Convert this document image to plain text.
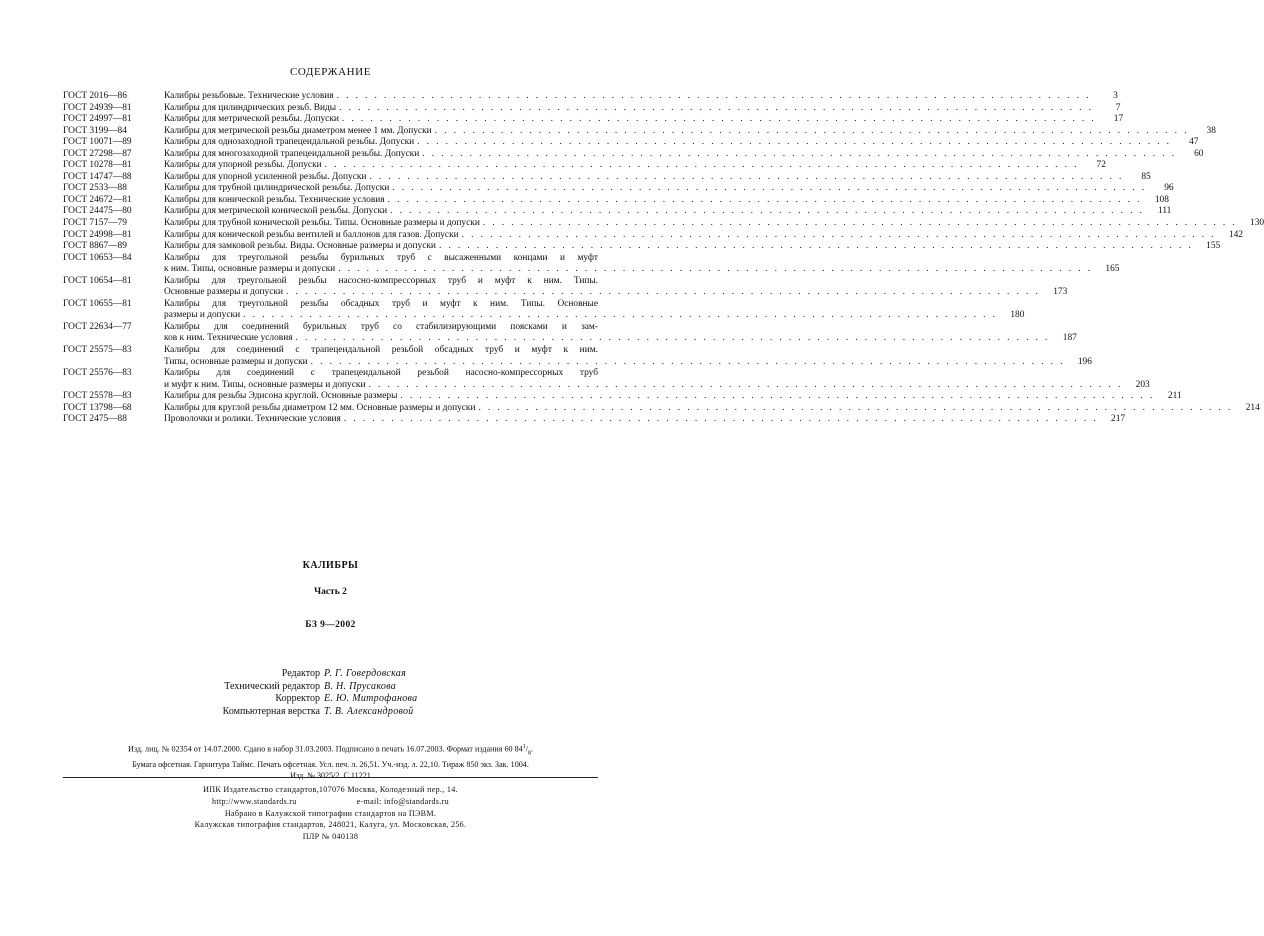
СОДЕРЖАНИЕ
ГОСТ 2016—86	Калибры резьбовые. Технические условия . . . . . . . . . . . . . . . . . . . . . . . . . . . . . . . . . . . . . . . . . . . . . . . . . . . . . . . . . . . . . . . . . . . . . . . . . . . . . . . .	3
ГОСТ 24939—81	Калибры для цилиндрических резьб. Виды . . . . . . . . . . . . . . . . . . . . . . . . . . . . . . . . . . . . . . . . . . . . . . . . . . . . . . . . . . . . . . . . . . . . . . . . . . . . . . . .	7
ГОСТ 24997—81	Калибры для метрической резьбы. Допуски . . . . . . . . . . . . . . . . . . . . . . . . . . . . . . . . . . . . . . . . . . . . . . . . . . . . . . . . . . . . . . . . . . . . . . . . . . . . . . . .	17
ГОСТ 3199—84	Калибры для метрической резьбы диаметром менее 1 мм. Допуски . . . . . . . . . . . . . . . . . . . . . . . . . . . . . . . . . . . . . . . . . . . . . . . . . . . . . . . . . . . . . . . . . . . . . . . . . . . . . . . .	38
ГОСТ 10071—89	Калибры для однозаходной трапецеидальной резьбы. Допуски . . . . . . . . . . . . . . . . . . . . . . . . . . . . . . . . . . . . . . . . . . . . . . . . . . . . . . . . . . . . . . . . . . . . . . . . . . . . . . . .	47
ГОСТ 27298—87	Калибры для многозаходной трапецеидальной резьбы. Допуски . . . . . . . . . . . . . . . . . . . . . . . . . . . . . . . . . . . . . . . . . . . . . . . . . . . . . . . . . . . . . . . . . . . . . . . . . . . . . . . .	60
ГОСТ 10278—81	Калибры для упорной резьбы. Допуски . . . . . . . . . . . . . . . . . . . . . . . . . . . . . . . . . . . . . . . . . . . . . . . . . . . . . . . . . . . . . . . . . . . . . . . . . . . . . . . .	72
ГОСТ 14747—88	Калибры для упорной усиленной резьбы. Допуски . . . . . . . . . . . . . . . . . . . . . . . . . . . . . . . . . . . . . . . . . . . . . . . . . . . . . . . . . . . . . . . . . . . . . . . . . . . . . . . .	85
ГОСТ 2533—88	Калибры для трубной цилиндрической резьбы. Допуски . . . . . . . . . . . . . . . . . . . . . . . . . . . . . . . . . . . . . . . . . . . . . . . . . . . . . . . . . . . . . . . . . . . . . . . . . . . . . . . .	96
ГОСТ 24672—81	Калибры для конической резьбы. Технические условия . . . . . . . . . . . . . . . . . . . . . . . . . . . . . . . . . . . . . . . . . . . . . . . . . . . . . . . . . . . . . . . . . . . . . . . . . . . . . . . .	108
ГОСТ 24475—80	Калибры для метрической конической резьбы. Допуски . . . . . . . . . . . . . . . . . . . . . . . . . . . . . . . . . . . . . . . . . . . . . . . . . . . . . . . . . . . . . . . . . . . . . . . . . . . . . . . .	111
ГОСТ 7157—79	Калибры для трубной конической резьбы. Типы. Основные размеры и допуски . . . . . . . . . . . . . . . . . . . . . . . . . . . . . . . . . . . . . . . . . . . . . . . . . . . . . . . . . . . . . . . . . . . . . . . . . . . . . . . .	130
ГОСТ 24998—81	Калибры для конической резьбы вентилей и баллонов для газов. Допуски . . . . . . . . . . . . . . . . . . . . . . . . . . . . . . . . . . . . . . . . . . . . . . . . . . . . . . . . . . . . . . . . . . . . . . . . . . . . . . . .	142
ГОСТ 8867—89	Калибры для замковой резьбы. Виды. Основные размеры и допуски . . . . . . . . . . . . . . . . . . . . . . . . . . . . . . . . . . . . . . . . . . . . . . . . . . . . . . . . . . . . . . . . . . . . . . . . . . . . . . . .	155
ГОСТ 10653—84	Калибры для треугольной резьбы бурильных труб с высаженными концами и муфт
к ним. Типы, основные размеры и допуски . . . . . . . . . . . . . . . . . . . . . . . . . . . . . . . . . . . . . . . . . . . . . . . . . . . . . . . . . . . . . . . . . . . . . . . . . . . . . . . .	165
ГОСТ 10654—81	Калибры для треугольной резьбы насосно-компрессорных труб и муфт к ним. Типы.
Основные размеры и допуски . . . . . . . . . . . . . . . . . . . . . . . . . . . . . . . . . . . . . . . . . . . . . . . . . . . . . . . . . . . . . . . . . . . . . . . . . . . . . . . .	173
ГОСТ 10655—81	Калибры для треугольной резьбы обсадных труб и муфт к ним. Типы. Основные
размеры и допуски . . . . . . . . . . . . . . . . . . . . . . . . . . . . . . . . . . . . . . . . . . . . . . . . . . . . . . . . . . . . . . . . . . . . . . . . . . . . . . . .	180
ГОСТ 22634—77	Калибры для соединений бурильных труб со стабилизирующими поясками и зам-
ков к ним. Технические условия . . . . . . . . . . . . . . . . . . . . . . . . . . . . . . . . . . . . . . . . . . . . . . . . . . . . . . . . . . . . . . . . . . . . . . . . . . . . . . . .	187
ГОСТ 25575—83	Калибры для соединений с трапецеидальной резьбой обсадных труб и муфт к ним.
Типы, основные размеры и допуски . . . . . . . . . . . . . . . . . . . . . . . . . . . . . . . . . . . . . . . . . . . . . . . . . . . . . . . . . . . . . . . . . . . . . . . . . . . . . . . .	196
ГОСТ 25576—83	Калибры для соединений с трапецеидальной резьбой насосно-компрессорных труб
и муфт к ним. Типы, основные размеры и допуски . . . . . . . . . . . . . . . . . . . . . . . . . . . . . . . . . . . . . . . . . . . . . . . . . . . . . . . . . . . . . . . . . . . . . . . . . . . . . . . .	203
ГОСТ 25578—83	Калибры для резьбы Эдисона круглой. Основные размеры . . . . . . . . . . . . . . . . . . . . . . . . . . . . . . . . . . . . . . . . . . . . . . . . . . . . . . . . . . . . . . . . . . . . . . . . . . . . . . . .	211
ГОСТ 13798—68	Калибры для круглой резьбы диаметром 12 мм. Основные размеры и допуски . . . . . . . . . . . . . . . . . . . . . . . . . . . . . . . . . . . . . . . . . . . . . . . . . . . . . . . . . . . . . . . . . . . . . . . . . . . . . . . .	214
ГОСТ 2475—88	Проволочки и ролики. Технические условия . . . . . . . . . . . . . . . . . . . . . . . . . . . . . . . . . . . . . . . . . . . . . . . . . . . . . . . . . . . . . . . . . . . . . . . . . . . . . . . .	217
КАЛИБРЫ
Часть 2
БЗ 9—2002
Редактор Р. Г. Говердовская
Технический редактор В. Н. Прусакова
Корректор Е. Ю. Митрофанова
Компьютерная верстка Т. В. Александровой
Изд. лиц. № 02354 от 14.07.2000. Сдано в набор 31.03.2003. Подписано в печать 16.07.2003. Формат издания 60 $84^1/_8$.
Бумага офсетная. Гарнитура Таймс. Печать офсетная. Усл. печ. л. 26,51. Уч.-изд. л. 22,10. Тираж 850 экз. Зак. 1004.
Изд. № 3025/2. С 11221
ИПК Издательство стандартов,107076 Москва, Колодезный пер., 14.
http://www.standards.ru	e-mail: info@standards.ru
Набрано в Калужской типографии стандартов на ПЭВМ.
Калужская типография стандартов, 248021, Калуга, ул. Московская, 256.
ПЛР № 040138
